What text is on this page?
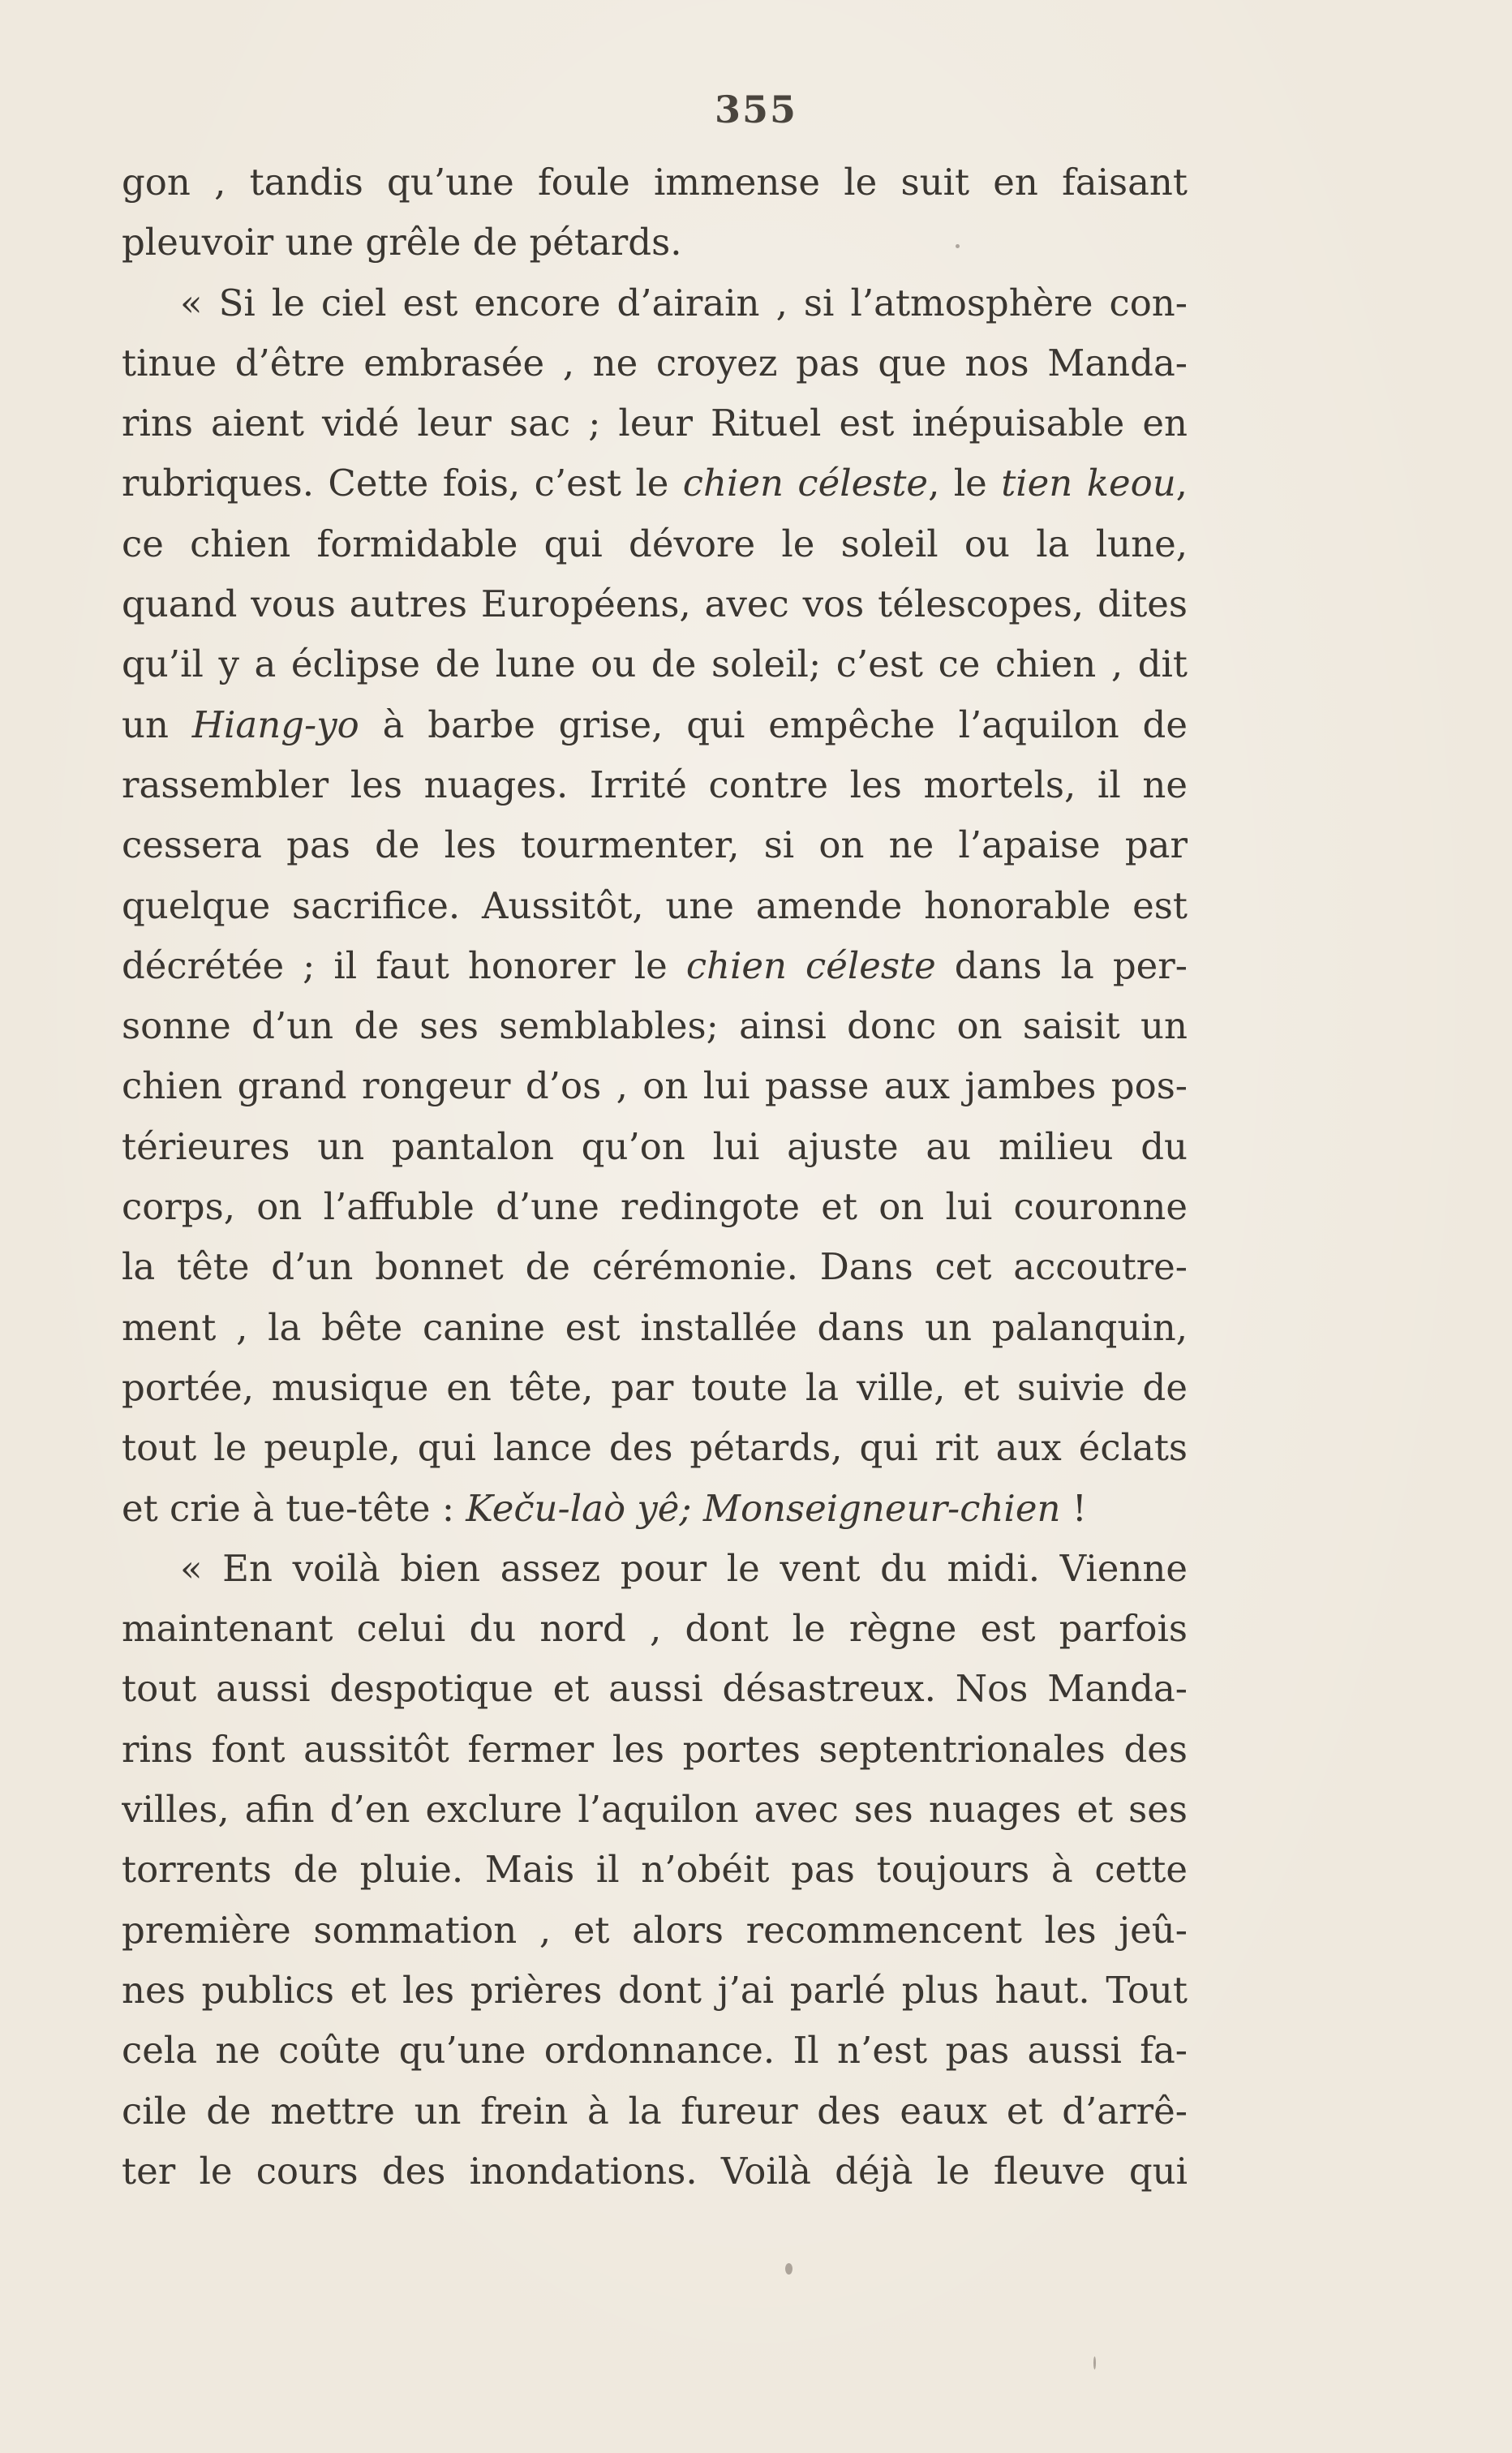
355
gon , tandis qu’une foule immense le suit en faisant
pleuvoir une grêle de pétards.
« Si le ciel est encore d’airain , si l’atmosphère con-
tinue d’être embrasée , ne croyez pas que nos Manda-
rins aient vidé leur sac ; leur Rituel est inépuisable en
rubriques. Cette fois, c’est le chien céleste, le tien keou,
ce chien formidable qui dévore le soleil ou la lune,
quand vous autres Européens, avec vos télescopes, dites
qu’il y a éclipse de lune ou de soleil; c’est ce chien , dit
un Hiang-yo à barbe grise, qui empêche l’aquilon de
rassembler les nuages. Irrité contre les mortels, il ne
cessera pas de les tourmenter, si on ne l’apaise par
quelque sacrifice. Aussitôt, une amende honorable est
décrétée ; il faut honorer le chien céleste dans la per-
sonne d’un de ses semblables; ainsi donc on saisit un
chien grand rongeur d’os , on lui passe aux jambes pos-
térieures un pantalon qu’on lui ajuste au milieu du
corps, on l’affuble d’une redingote et on lui couronne
la tête d’un bonnet de cérémonie. Dans cet accoutre-
ment , la bête canine est installée dans un palanquin,
portée, musique en tête, par toute la ville, et suivie de
tout le peuple, qui lance des pétards, qui rit aux éclats
et crie à tue-tête : Keču-laò yê; Monseigneur-chien !
« En voilà bien assez pour le vent du midi. Vienne
maintenant celui du nord , dont le règne est parfois
tout aussi despotique et aussi désastreux. Nos Manda-
rins font aussitôt fermer les portes septentrionales des
villes, afin d’en exclure l’aquilon avec ses nuages et ses
torrents de pluie. Mais il n’obéit pas toujours à cette
première sommation , et alors recommencent les jeû-
nes publics et les prières dont j’ai parlé plus haut. Tout
cela ne coûte qu’une ordonnance. Il n’est pas aussi fa-
cile de mettre un frein à la fureur des eaux et d’arrê-
ter le cours des inondations. Voilà déjà le fleuve qui
